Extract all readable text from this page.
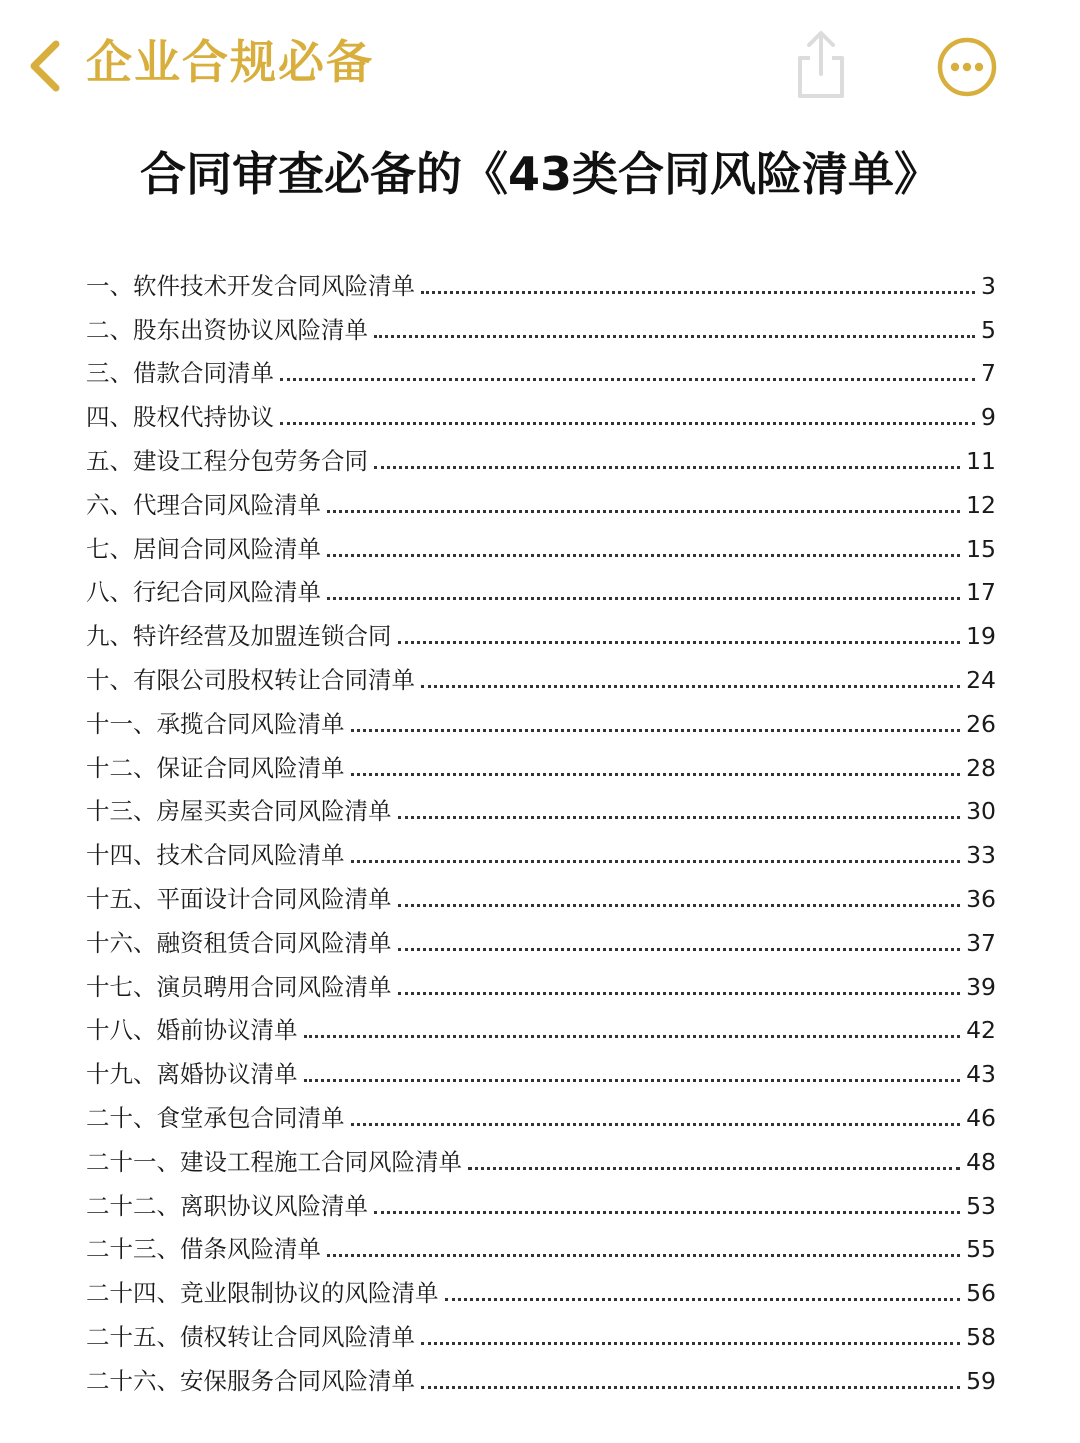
企业合规必备
合同审查必备的《43类合同风险清单》
一、软件技术开发合同风险清单	3
二、股东出资协议风险清单	5
三、借款合同清单	7
四、股权代持协议	9
五、建设工程分包劳务合同	11
六、代理合同风险清单	12
七、居间合同风险清单	15
八、行纪合同风险清单	17
九、特许经营及加盟连锁合同	19
十、有限公司股权转让合同清单	24
十一、承揽合同风险清单	26
十二、保证合同风险清单	28
十三、房屋买卖合同风险清单	30
十四、技术合同风险清单	33
十五、平面设计合同风险清单	36
十六、融资租赁合同风险清单	37
十七、演员聘用合同风险清单	39
十八、婚前协议清单	42
十九、离婚协议清单	43
二十、食堂承包合同清单	46
二十一、建设工程施工合同风险清单	48
二十二、离职协议风险清单	53
二十三、借条风险清单	55
二十四、竞业限制协议的风险清单	56
二十五、债权转让合同风险清单	58
二十六、安保服务合同风险清单	59
